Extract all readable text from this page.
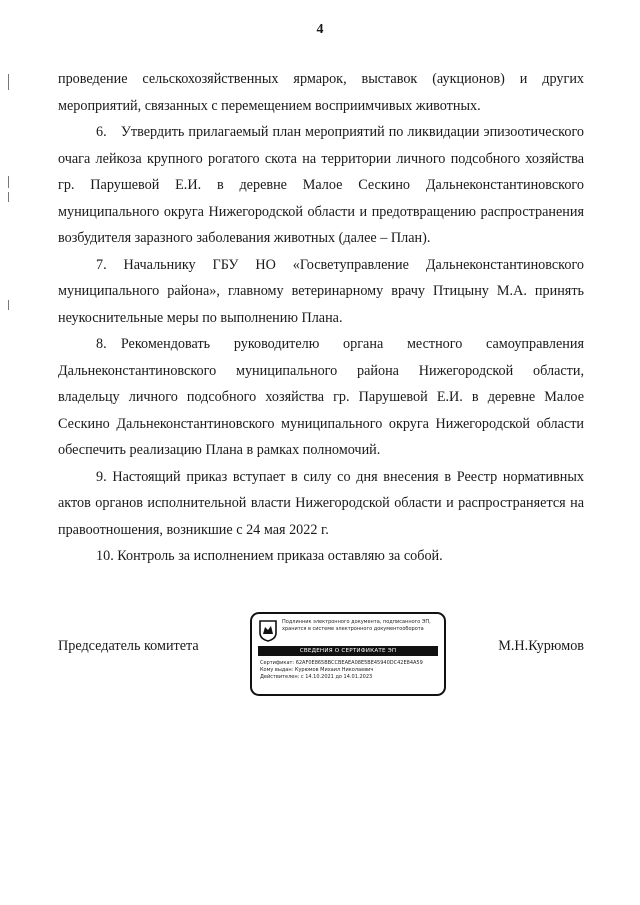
4

проведение сельскохозяйственных ярмарок, выставок (аукционов) и других мероприятий, связанных с перемещением восприимчивых животных.

6. Утвердить прилагаемый план мероприятий по ликвидации эпизоотического очага лейкоза крупного рогатого скота на территории личного подсобного хозяйства гр. Парушевой Е.И. в деревне Малое Сескино Дальнеконстантиновского муниципального округа Нижегородской области и предотвращению распространения возбудителя заразного заболевания животных (далее – План).

7. Начальнику ГБУ НО «Госветуправление Дальнеконстантиновского муниципального района», главному ветеринарному врачу Птицыну М.А. принять неукоснительные меры по выполнению Плана.

8. Рекомендовать руководителю органа местного самоуправления Дальнеконстантиновского муниципального района Нижегородской области, владельцу личного подсобного хозяйства гр. Парушевой Е.И. в деревне Малое Сескино Дальнеконстантиновского муниципального округа Нижегородской области обеспечить реализацию Плана в рамках полномочий.

9. Настоящий приказ вступает в силу со дня внесения в Реестр нормативных актов органов исполнительной власти Нижегородской области и распространяется на правоотношения, возникшие с 24 мая 2022 г.

10. Контроль за исполнением приказа оставляю за собой.

Председатель комитета
Подлинник электронного документа, подписанного ЭП, хранится в системе электронного документооборота
СВЕДЕНИЯ О СЕРТИФИКАТЕ ЭП
Сертификат: 62AF0E865BBCCBEAEA08E5BE45940DC42E84A59
Кому выдан: Курюмов Михаил Николаевич
Действителен: с 14.10.2021 до 14.01.2023
М.Н.Курюмов
